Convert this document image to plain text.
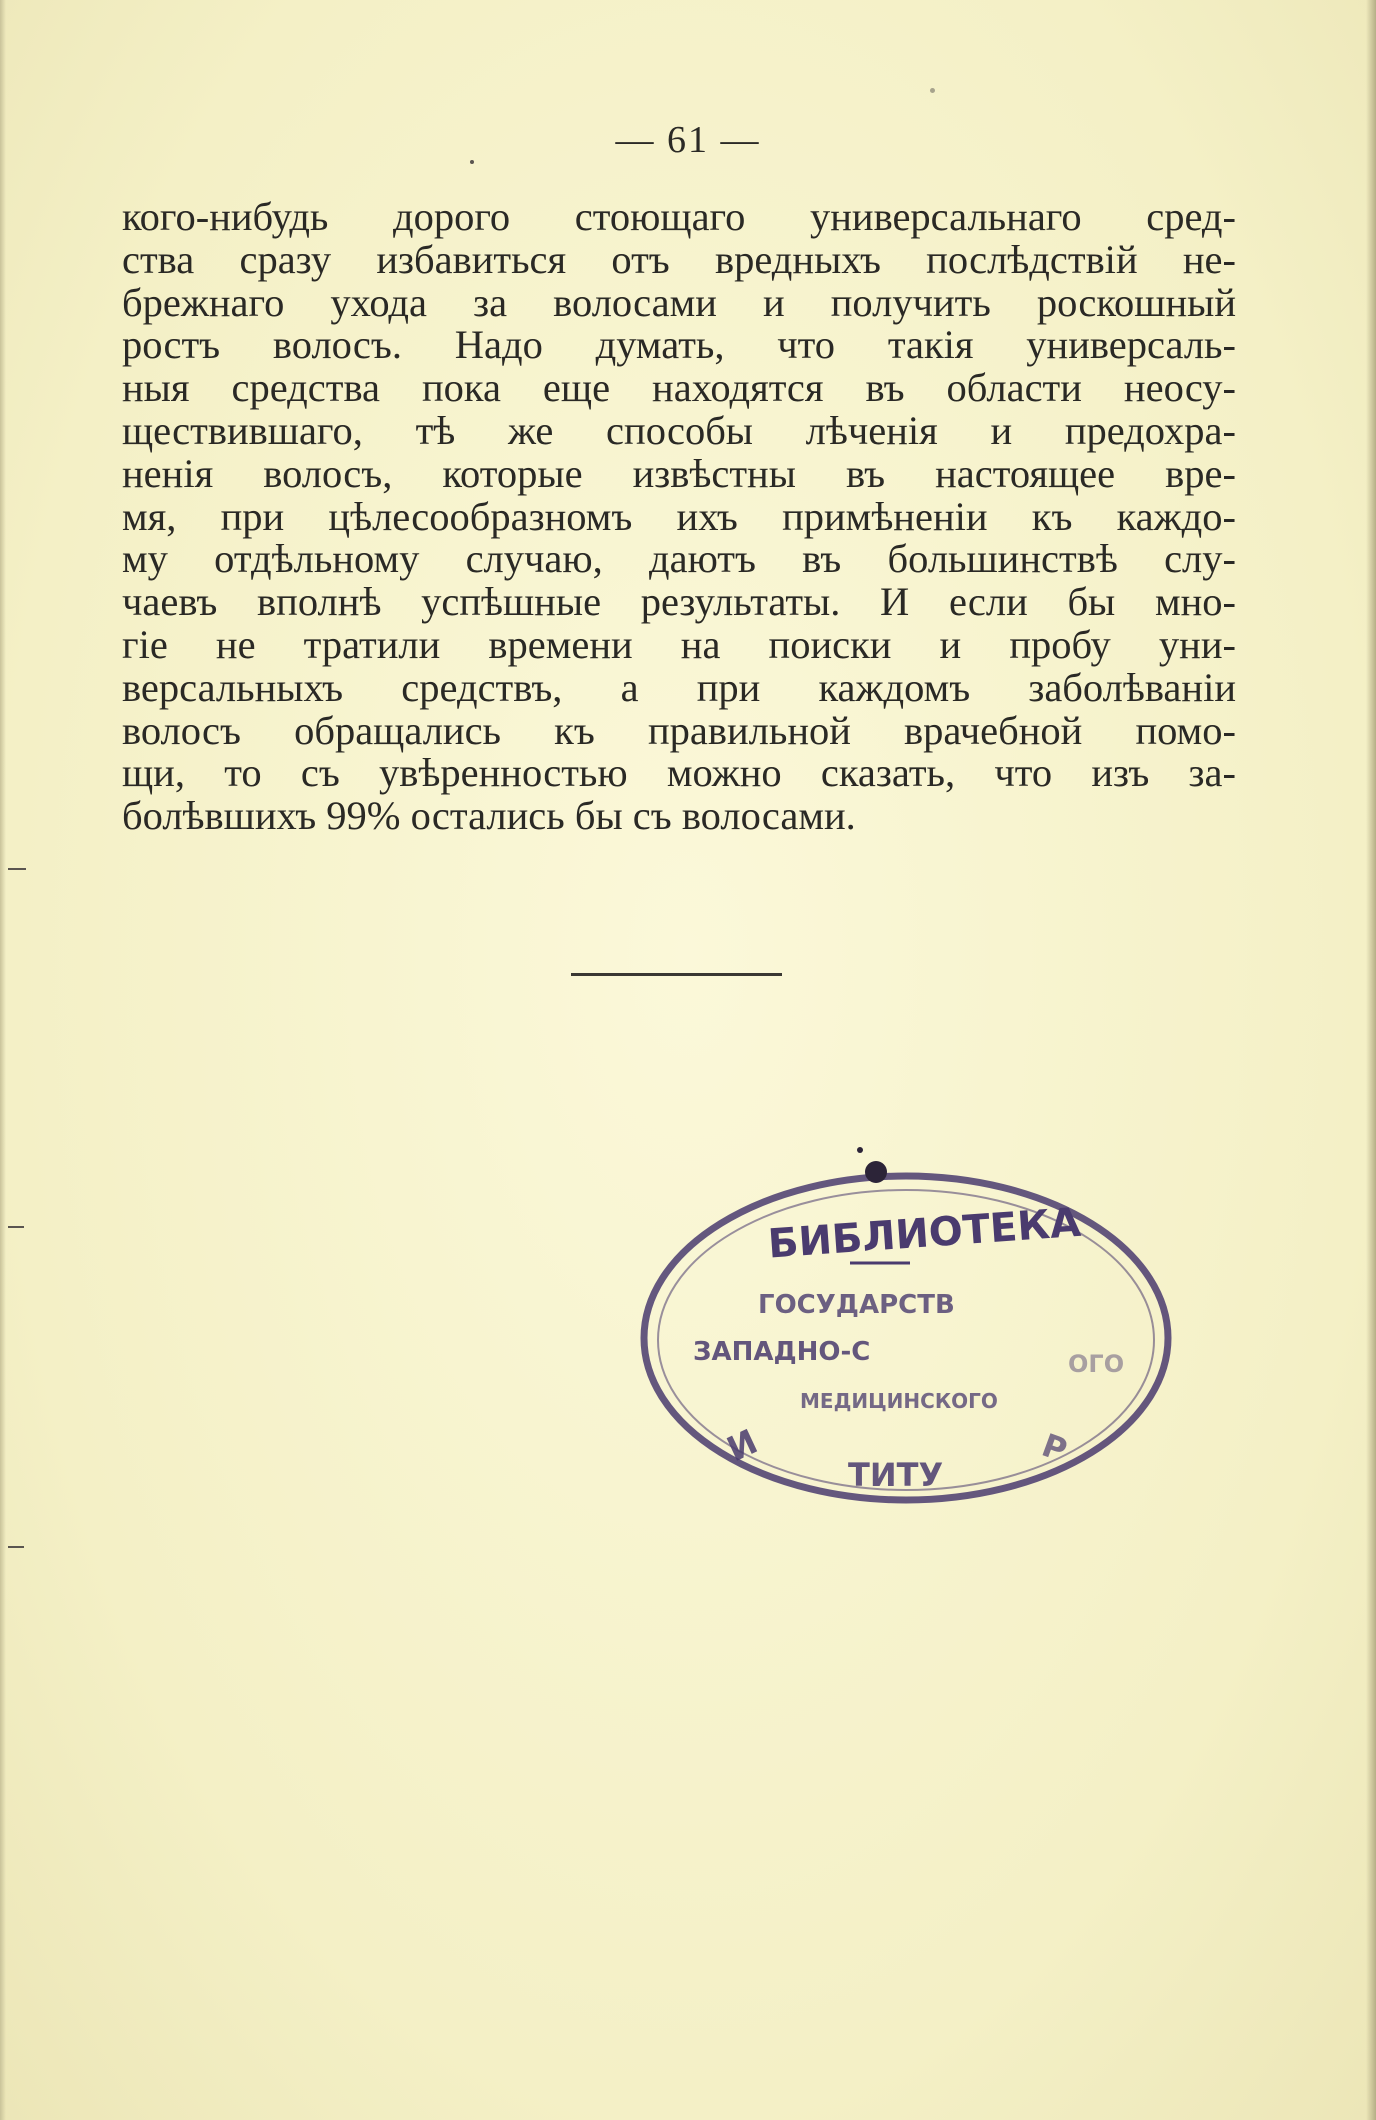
— 61 —
кого-нибудь дорого стоющаго универсальнаго сред-
ства сразу избавиться отъ вредныхъ послѣдствій не-
брежнаго ухода за волосами и получить роскошный
ростъ волосъ. Надо думать, что такія универсаль-
ныя средства пока еще находятся въ области неосу-
ществившаго, тѣ же способы лѣченія и предохра-
ненія волосъ, которые извѣстны въ настоящее вре-
мя, при цѣлесообразномъ ихъ примѣненіи къ каждо-
му отдѣльному случаю, даютъ въ большинствѣ слу-
чаевъ вполнѣ успѣшные результаты. И если бы мно-
гіе не тратили времени на поиски и пробу уни-
версальныхъ средствъ, а при каждомъ заболѣваніи
волосъ обращались къ правильной врачебной помо-
щи, то съ увѣренностью можно сказать, что изъ за-
болѣвшихъ 99% остались бы съ волосами.
БИБЛИОТЕКА
ГОСУДАРСТВ
ЗАПАДНО-С	ОГО
МЕДИЦИНСКОГО
И
ТИТУ
Р
